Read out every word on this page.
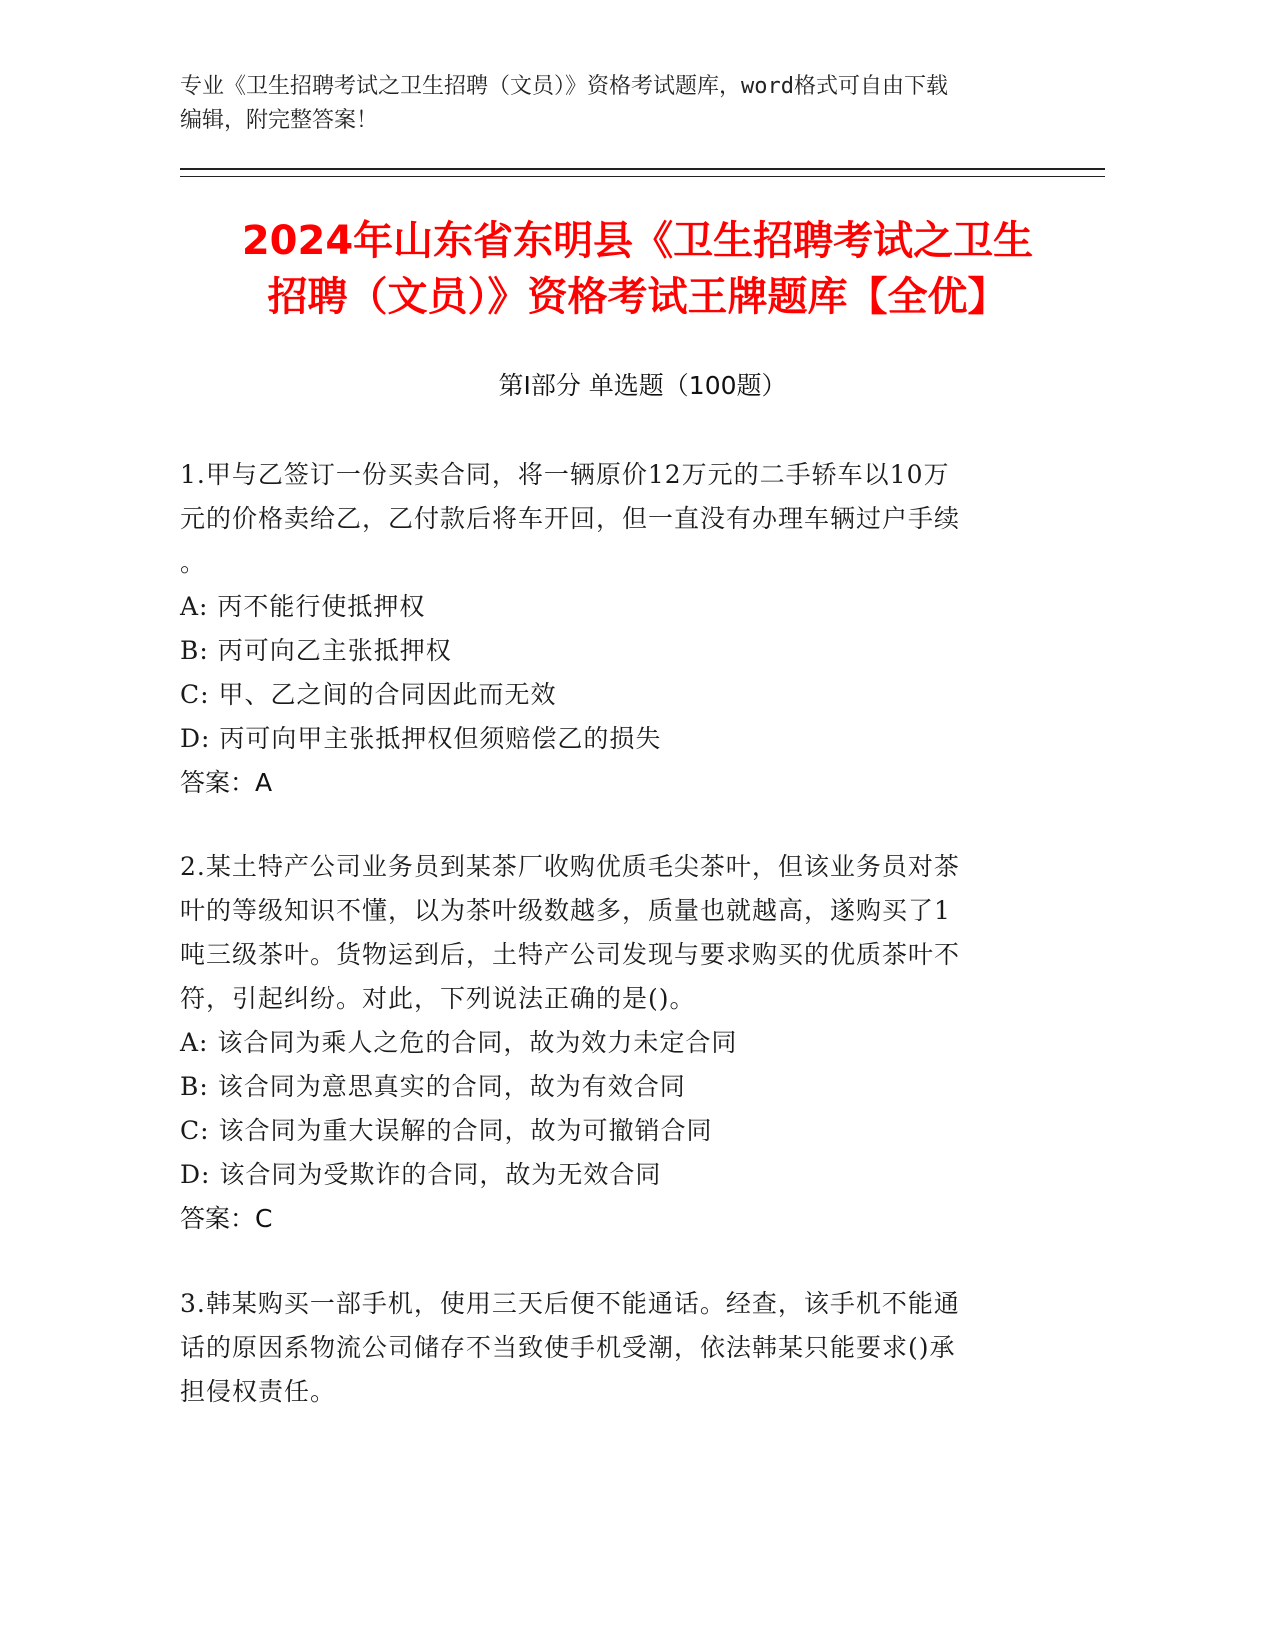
专业《卫生招聘考试之卫生招聘（文员）》资格考试题库，word格式可自由下载
编辑，附完整答案！
2024年山东省东明县《卫生招聘考试之卫生
招聘（文员）》资格考试王牌题库【全优】
第Ⅰ部分 单选题（100题）
1.甲与乙签订一份买卖合同，将一辆原价12万元的二手轿车以10万
元的价格卖给乙，乙付款后将车开回，但一直没有办理车辆过户手续
。
A: 丙不能行使抵押权
B: 丙可向乙主张抵押权
C: 甲、乙之间的合同因此而无效
D: 丙可向甲主张抵押权但须赔偿乙的损失
答案：A
2.某土特产公司业务员到某茶厂收购优质毛尖茶叶，但该业务员对茶
叶的等级知识不懂，以为茶叶级数越多，质量也就越高，遂购买了1
吨三级茶叶。货物运到后，土特产公司发现与要求购买的优质茶叶不
符，引起纠纷。对此，下列说法正确的是()。
A: 该合同为乘人之危的合同，故为效力未定合同
B: 该合同为意思真实的合同，故为有效合同
C: 该合同为重大误解的合同，故为可撤销合同
D: 该合同为受欺诈的合同，故为无效合同
答案：C
3.韩某购买一部手机，使用三天后便不能通话。经查，该手机不能通
话的原因系物流公司储存不当致使手机受潮，依法韩某只能要求()承
担侵权责任。
